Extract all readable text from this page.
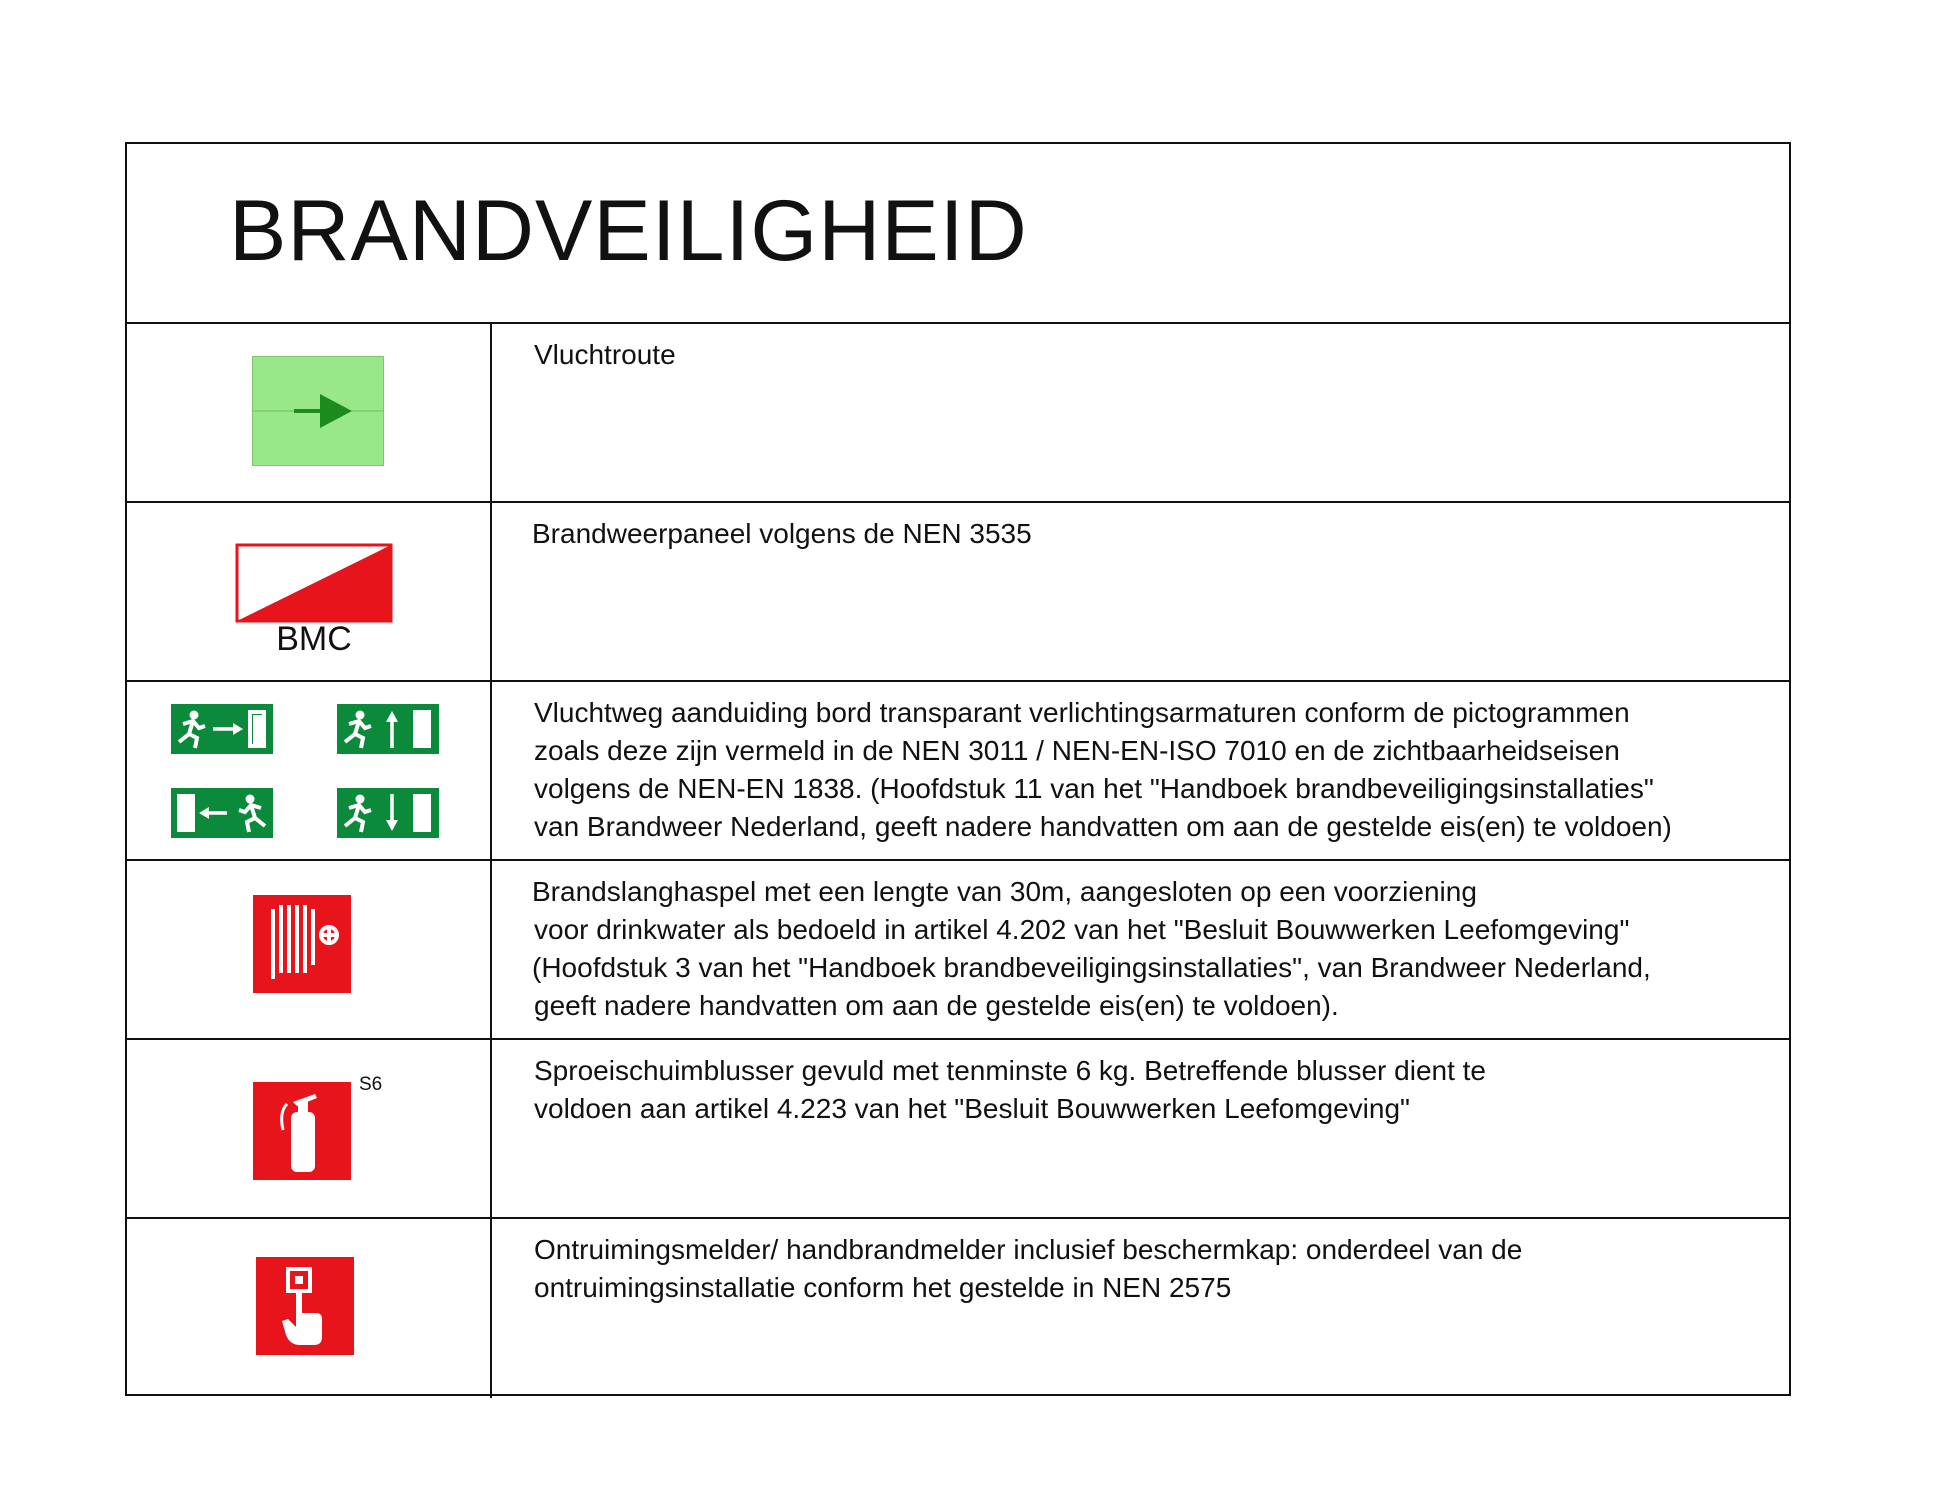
BRANDVEILIGHEID
Vluchtroute
BMC
Brandweerpaneel volgens de NEN 3535
Vluchtweg aanduiding bord transparant verlichtingsarmaturen conform de pictogrammen
zoals deze zijn vermeld in de NEN 3011 / NEN-EN-ISO 7010 en de zichtbaarheidseisen
volgens de NEN-EN 1838. (Hoofdstuk 11 van het "Handboek brandbeveiligingsinstallaties"
van Brandweer Nederland, geeft nadere handvatten om aan de gestelde eis(en) te voldoen)
Brandslanghaspel met een lengte van 30m, aangesloten op een voorziening
voor drinkwater als bedoeld in artikel 4.202 van het "Besluit Bouwwerken Leefomgeving"
(Hoofdstuk 3 van het "Handboek brandbeveiligingsinstallaties", van Brandweer Nederland,
geeft nadere handvatten om aan de gestelde eis(en) te voldoen).
S6	Sproeischuimblusser gevuld met tenminste 6 kg. Betreffende blusser dient te
voldoen aan artikel 4.223 van het "Besluit Bouwwerken Leefomgeving"
Ontruimingsmelder/ handbrandmelder inclusief beschermkap: onderdeel van de
ontruimingsinstallatie conform het gestelde in NEN 2575
